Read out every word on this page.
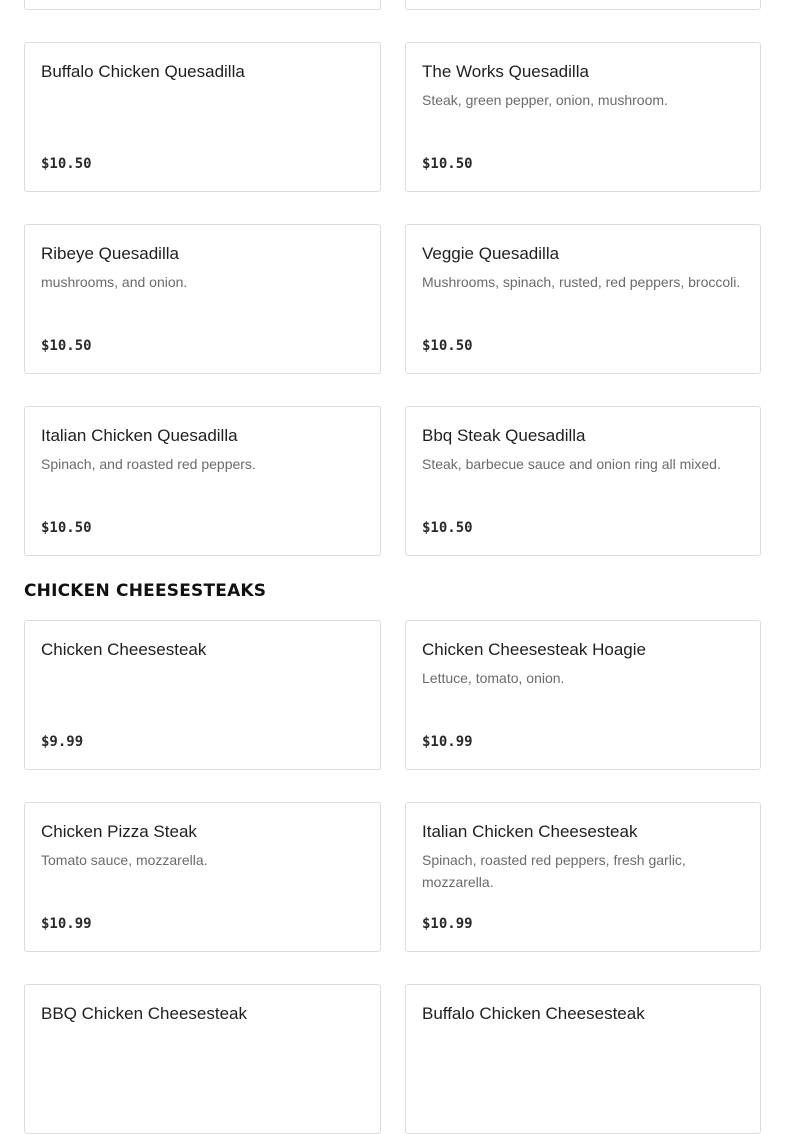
Buffalo Chicken Quesadilla
$10.50
The Works Quesadilla
Steak, green pepper, onion, mushroom.
$10.50
Ribeye Quesadilla
mushrooms, and onion.
$10.50
Veggie Quesadilla
Mushrooms, spinach, rusted, red peppers, broccoli.
$10.50
Italian Chicken Quesadilla
Spinach, and roasted red peppers.
$10.50
Bbq Steak Quesadilla
Steak, barbecue sauce and onion ring all mixed.
$10.50
CHICKEN CHEESESTEAKS
Chicken Cheesesteak
$9.99
Chicken Cheesesteak Hoagie
Lettuce, tomato, onion.
$10.99
Chicken Pizza Steak
Tomato sauce, mozzarella.
$10.99
Italian Chicken Cheesesteak
Spinach, roasted red peppers, fresh garlic, mozzarella.
$10.99
BBQ Chicken Cheesesteak	Buffalo Chicken Cheesesteak
